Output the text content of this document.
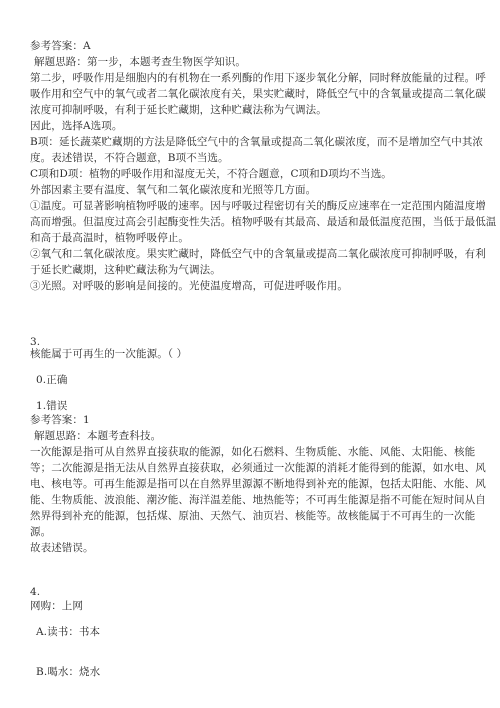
参考答案：A
解题思路：第一步，本题考查生物医学知识。
第二步，呼吸作用是细胞内的有机物在一系列酶的作用下逐步氧化分解，同时释放能量的过程。呼
吸作用和空气中的氧气或者二氧化碳浓度有关，果实贮藏时，降低空气中的含氧量或提高二氧化碳
浓度可抑制呼吸，有利于延长贮藏期，这种贮藏法称为气调法。
因此，选择A选项。
B项：延长蔬菜贮藏期的方法是降低空气中的含氧量或提高二氧化碳浓度，而不是增加空气中其浓
度。表述错误，不符合题意，B项不当选。
C项和D项：植物的呼吸作用和湿度无关，不符合题意，C项和D项均不当选。
外部因素主要有温度、氧气和二氧化碳浓度和光照等几方面。
①温度。可显著影响植物呼吸的速率。因与呼吸过程密切有关的酶反应速率在一定范围内随温度增
高而增强。但温度过高会引起酶变性失活。植物呼吸有其最高、最适和最低温度范围，当低于最低温
和高于最高温时，植物呼吸停止。
②氧气和二氧化碳浓度。果实贮藏时，降低空气中的含氧量或提高二氧化碳浓度可抑制呼吸，有利
于延长贮藏期，这种贮藏法称为气调法。
③光照。对呼吸的影响是间接的。光使温度增高，可促进呼吸作用。
3.
核能属于可再生的一次能源。（ ）
0.正确
1.错误
参考答案：1
解题思路：本题考查科技。
一次能源是指可从自然界直接获取的能源，如化石燃料、生物质能、水能、风能、太阳能、核能
等；二次能源是指无法从自然界直接获取，必须通过一次能源的消耗才能得到的能源，如水电、风
电、核电等。可再生能源是指可以在自然界里源源不断地得到补充的能源，包括太阳能、水能、风
能、生物质能、波浪能、潮汐能、海洋温差能、地热能等；不可再生能源是指不可能在短时间从自
然界得到补充的能源，包括煤、原油、天然气、油页岩、核能等。故核能属于不可再生的一次能
源。
故表述错误。
4.
网购：上网
A.读书：书本
B.喝水：烧水
